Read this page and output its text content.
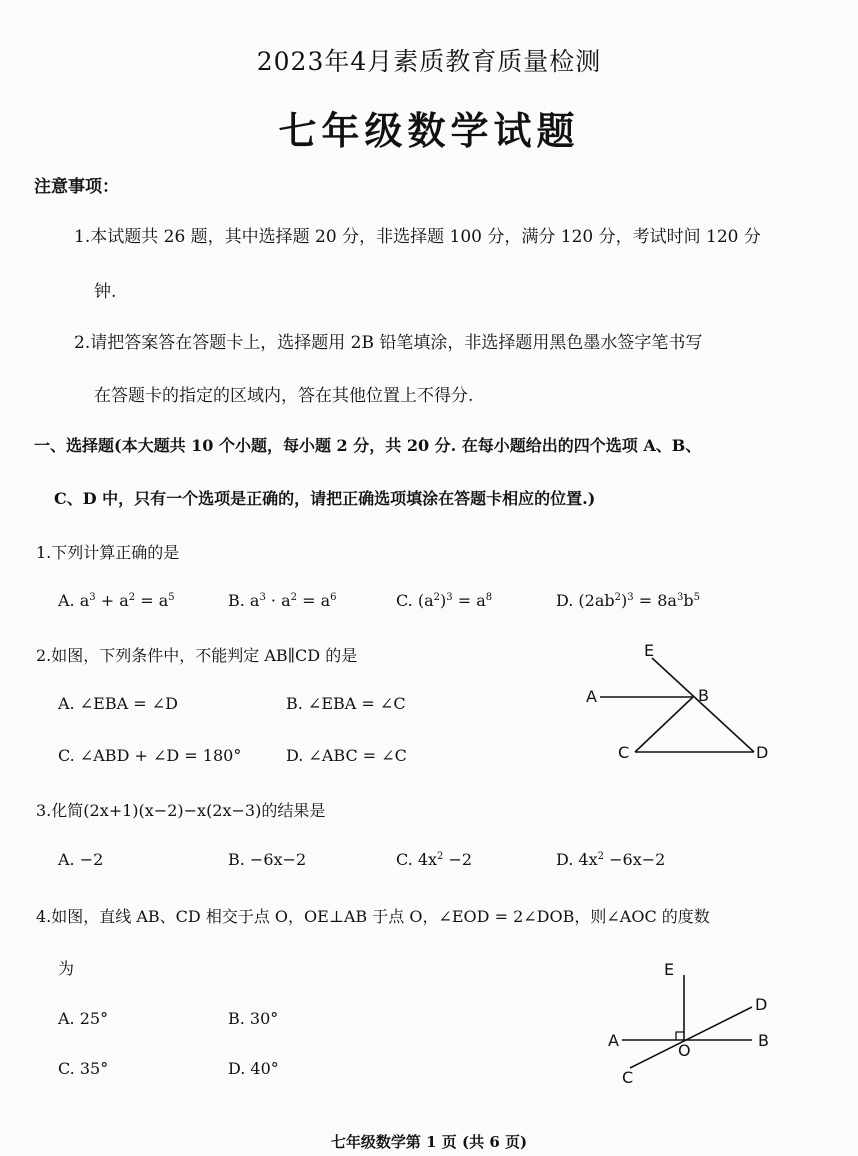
2023年4月素质教育质量检测
七年级数学试题
注意事项：
1.本试题共 26 题，其中选择题 20 分，非选择题 100 分，满分 120 分，考试时间 120 分
钟.
2.请把答案答在答题卡上，选择题用 2B 铅笔填涂，非选择题用黑色墨水签字笔书写
在答题卡的指定的区域内，答在其他位置上不得分.
一、选择题(本大题共 10 个小题，每小题 2 分，共 20 分. 在每小题给出的四个选项 A、B、
C、D 中，只有一个选项是正确的，请把正确选项填涂在答题卡相应的位置.)
1.下列计算正确的是
A. $a^3 + a^2 = a^5$	B. $a^3 \cdot a^2 = a^6$	C. $(a^2)^3 = a^8$	D. $(2ab^2)^3 = 8a^3b^5$
2.如图，下列条件中，不能判定 AB∥CD 的是
A. ∠EBA = ∠D	B. ∠EBA = ∠C
C. ∠ABD + ∠D = 180°	D. ∠ABC = ∠C
E
A	B
C	D
3.化简(2x+1)(x−2)−x(2x−3)的结果是
A. −2	B. −6x−2	C. $4x^2 -2$	D. $4x^2 -6x-2$
4.如图，直线 AB、CD 相交于点 O，OE⊥AB 于点 O，∠EOD = 2∠DOB，则∠AOC 的度数
为
A. 25°	B. 30°
C. 35°	D. 40°
E
D
A	B
O
C
七年级数学第 1 页 (共 6 页)
